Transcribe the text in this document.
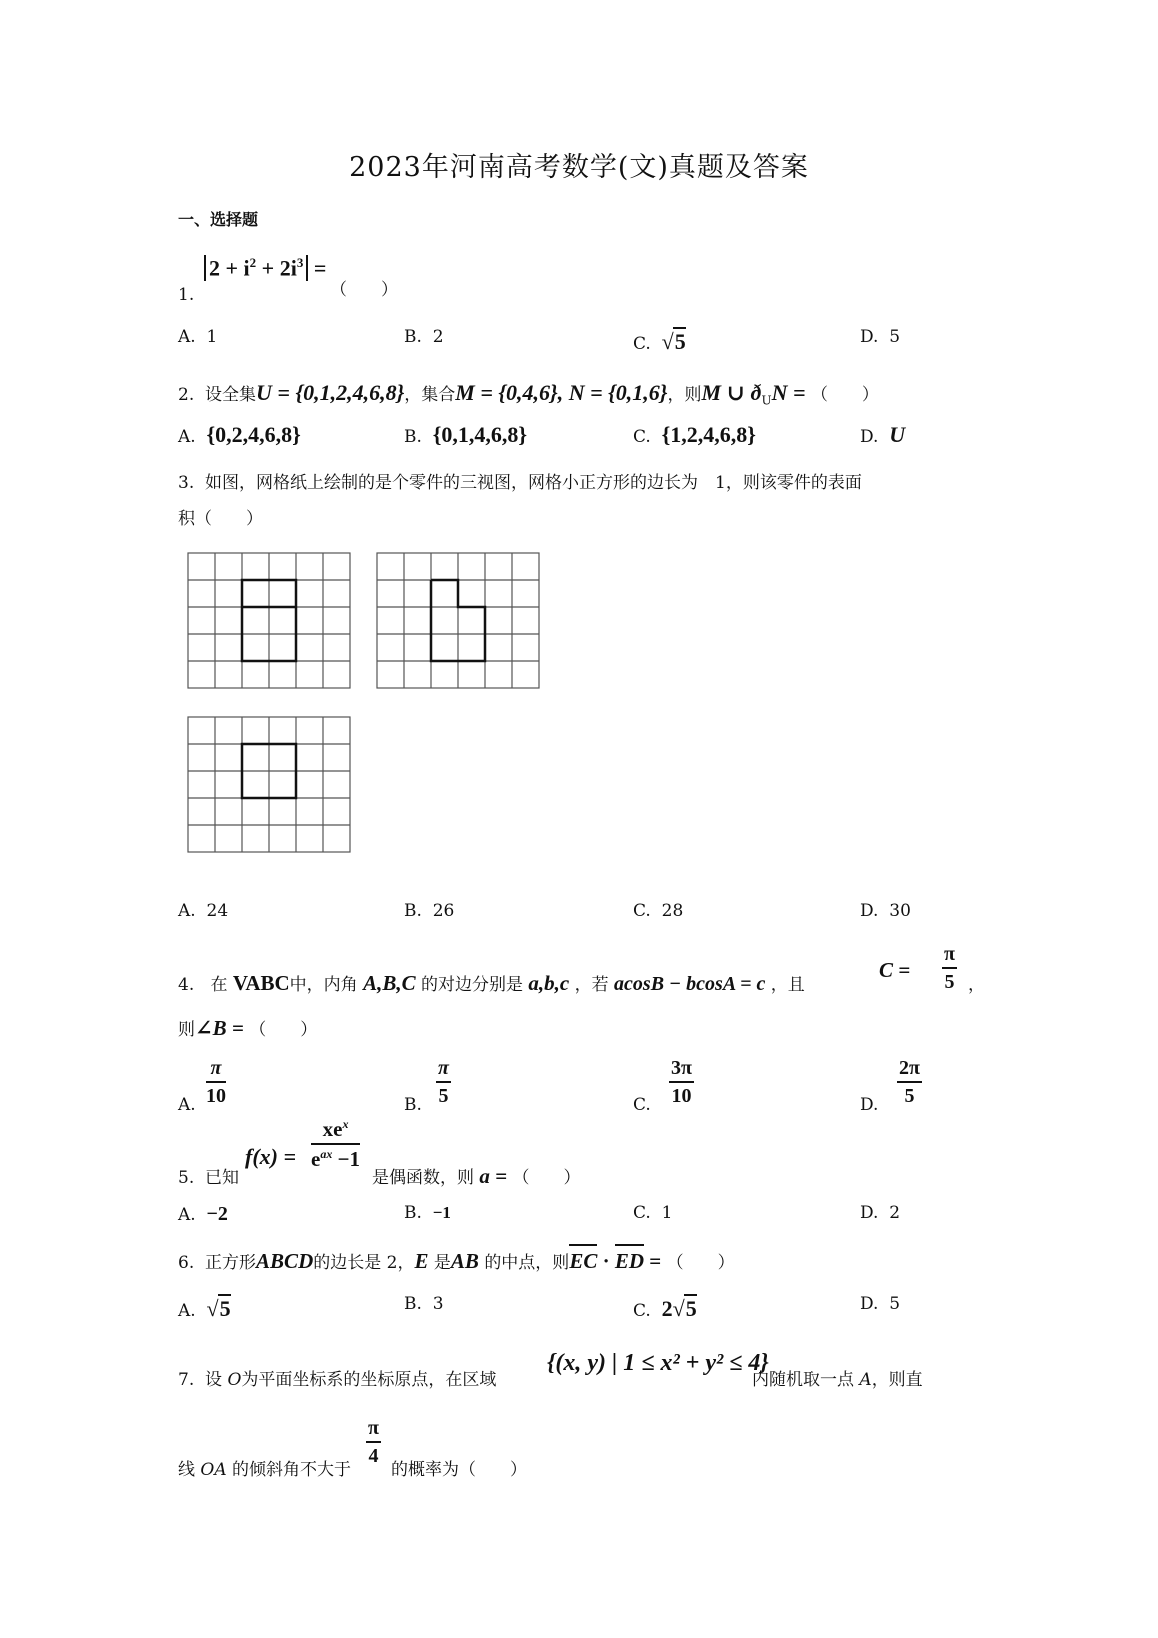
2023年河南高考数学(文)真题及答案
一、选择题
1.
$2 + i^2 + 2i^3$ =
（　　）
A. 1	B. 2	C. √5	D. 5
2. 设全集U = {0,1,2,4,6,8}，集合M = {0,4,6}, N = {0,1,6}，则M ∪ $ð_UN$ = （　　）
A. {0,2,4,6,8}	B. {0,1,4,6,8}	C. {1,2,4,6,8}	D. U
3. 如图，网格纸上绘制的是个零件的三视图，网格小正方形的边长为　1，则该零件的表面
积（　　）
A. 24	B. 26	C. 28	D. 30
4. 在 VABC中，内角 A,B,C 的对边分别是 a,b,c ，若 acosB − bcosA = c ，且
$C = \frac{\pi}{5}$ ，
则∠B = （　　）
A. $\frac{\pi}{10}$	B. $\frac{\pi}{5}$	C. $\frac{3\pi}{10}$	D. $\frac{2\pi}{5}$
5. 已知
f(x) =
$xe^x$
$e^{ax} -1$
是偶函数，则 a = （　　）
A. −2	B. −1	C. 1	D. 2
6. 正方形ABCD的边长是 2，E 是AB 的中点，则EC · ED = （　　）
A. √5	B. 3	C. 2√5	D. 5
7. 设 O为平面坐标系的坐标原点，在区域
{(x, y) | 1 ≤ x² + y² ≤ 4}
内随机取一点 A，则直
线 OA 的倾斜角不大于
$\frac{\pi}{4}$
的概率为（　　）
